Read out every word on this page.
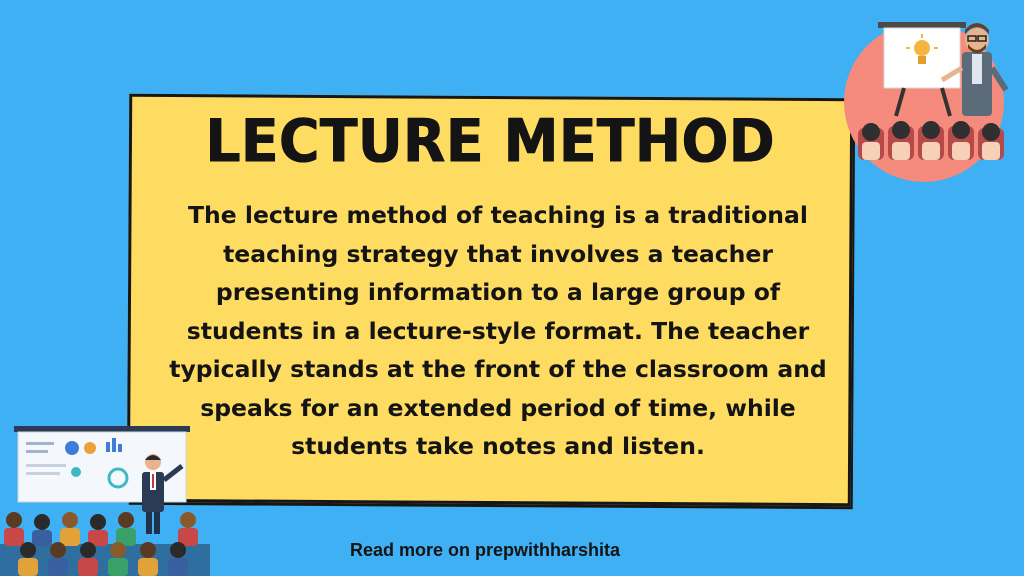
LECTURE METHOD
The lecture method of teaching is a traditional teaching strategy that involves a teacher presenting information to a large group of students in a lecture-style format. The teacher typically stands at the front of the classroom and speaks for an extended period of time, while students take notes and listen.
Read more on prepwithharshita
